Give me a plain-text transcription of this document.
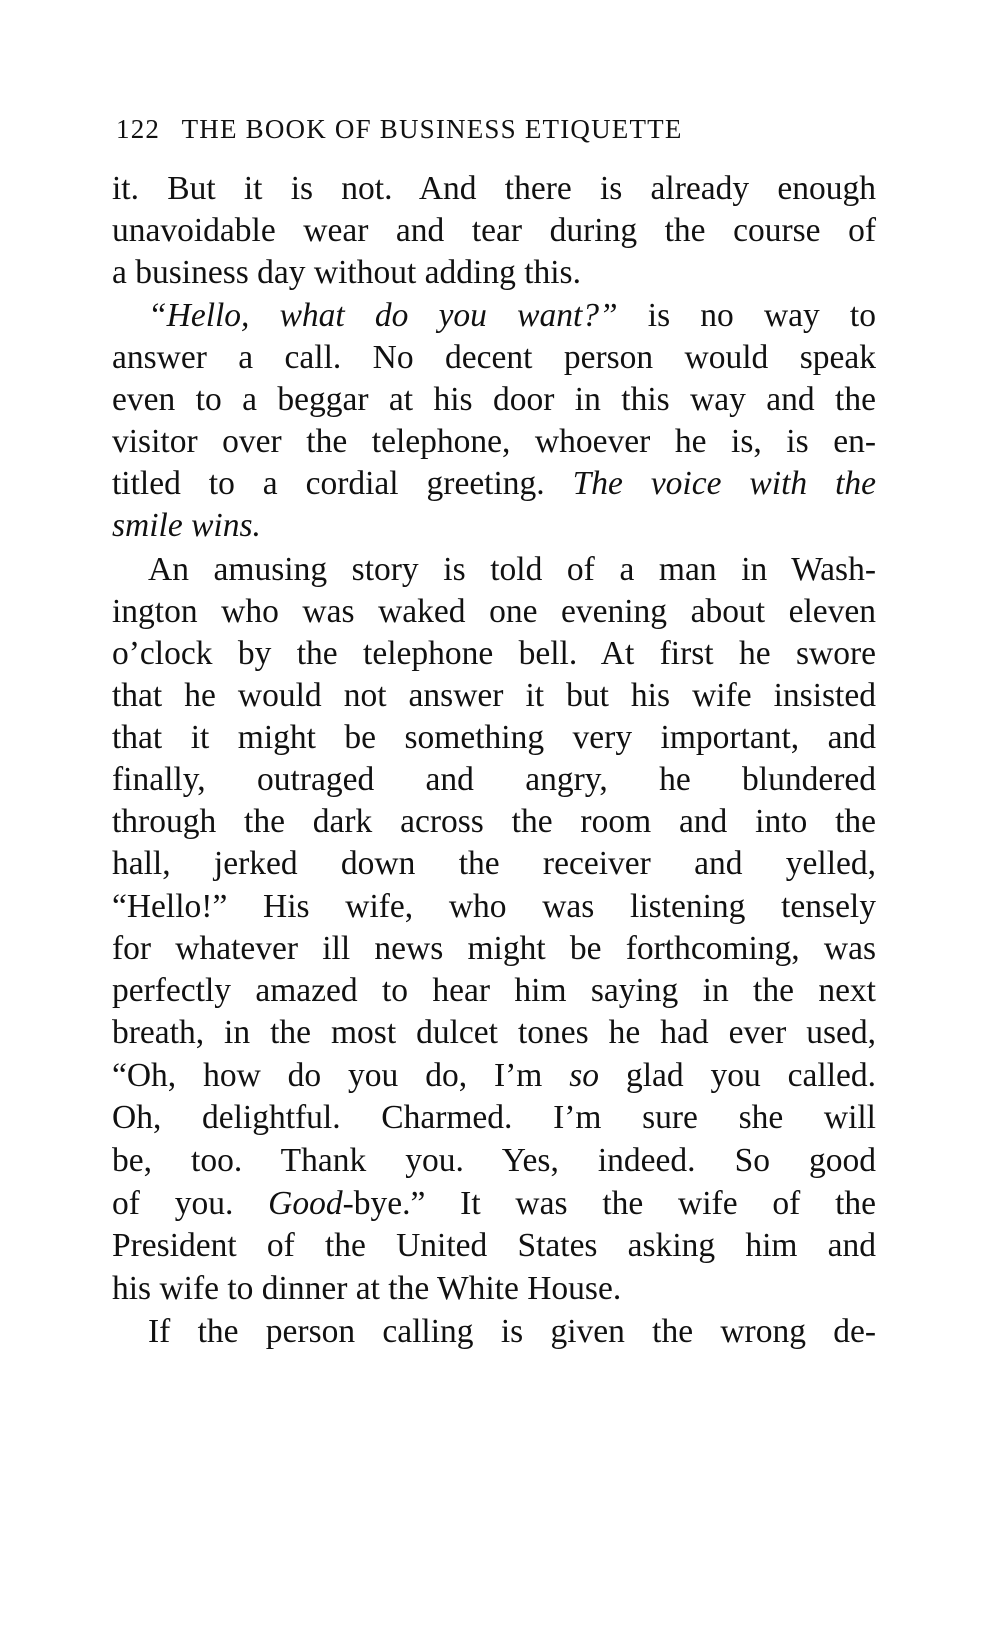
122 THE BOOK OF BUSINESS ETIQUETTE
it. But it is not. And there is already enough
unavoidable wear and tear during the course of
a business day without adding this.
“Hello, what do you want?” is no way to
answer a call. No decent person would speak
even to a beggar at his door in this way and the
visitor over the telephone, whoever he is, is en-
titled to a cordial greeting. The voice with the
smile wins.
An amusing story is told of a man in Wash-
ington who was waked one evening about eleven
o’clock by the telephone bell. At first he swore
that he would not answer it but his wife insisted
that it might be something very important, and
finally, outraged and angry, he blundered
through the dark across the room and into the
hall, jerked down the receiver and yelled,
“Hello!” His wife, who was listening tensely
for whatever ill news might be forthcoming, was
perfectly amazed to hear him saying in the next
breath, in the most dulcet tones he had ever used,
“Oh, how do you do, I’m so glad you called.
Oh, delightful. Charmed. I’m sure she will
be, too. Thank you. Yes, indeed. So good
of you. Good-bye.” It was the wife of the
President of the United States asking him and
his wife to dinner at the White House.
If the person calling is given the wrong de-
